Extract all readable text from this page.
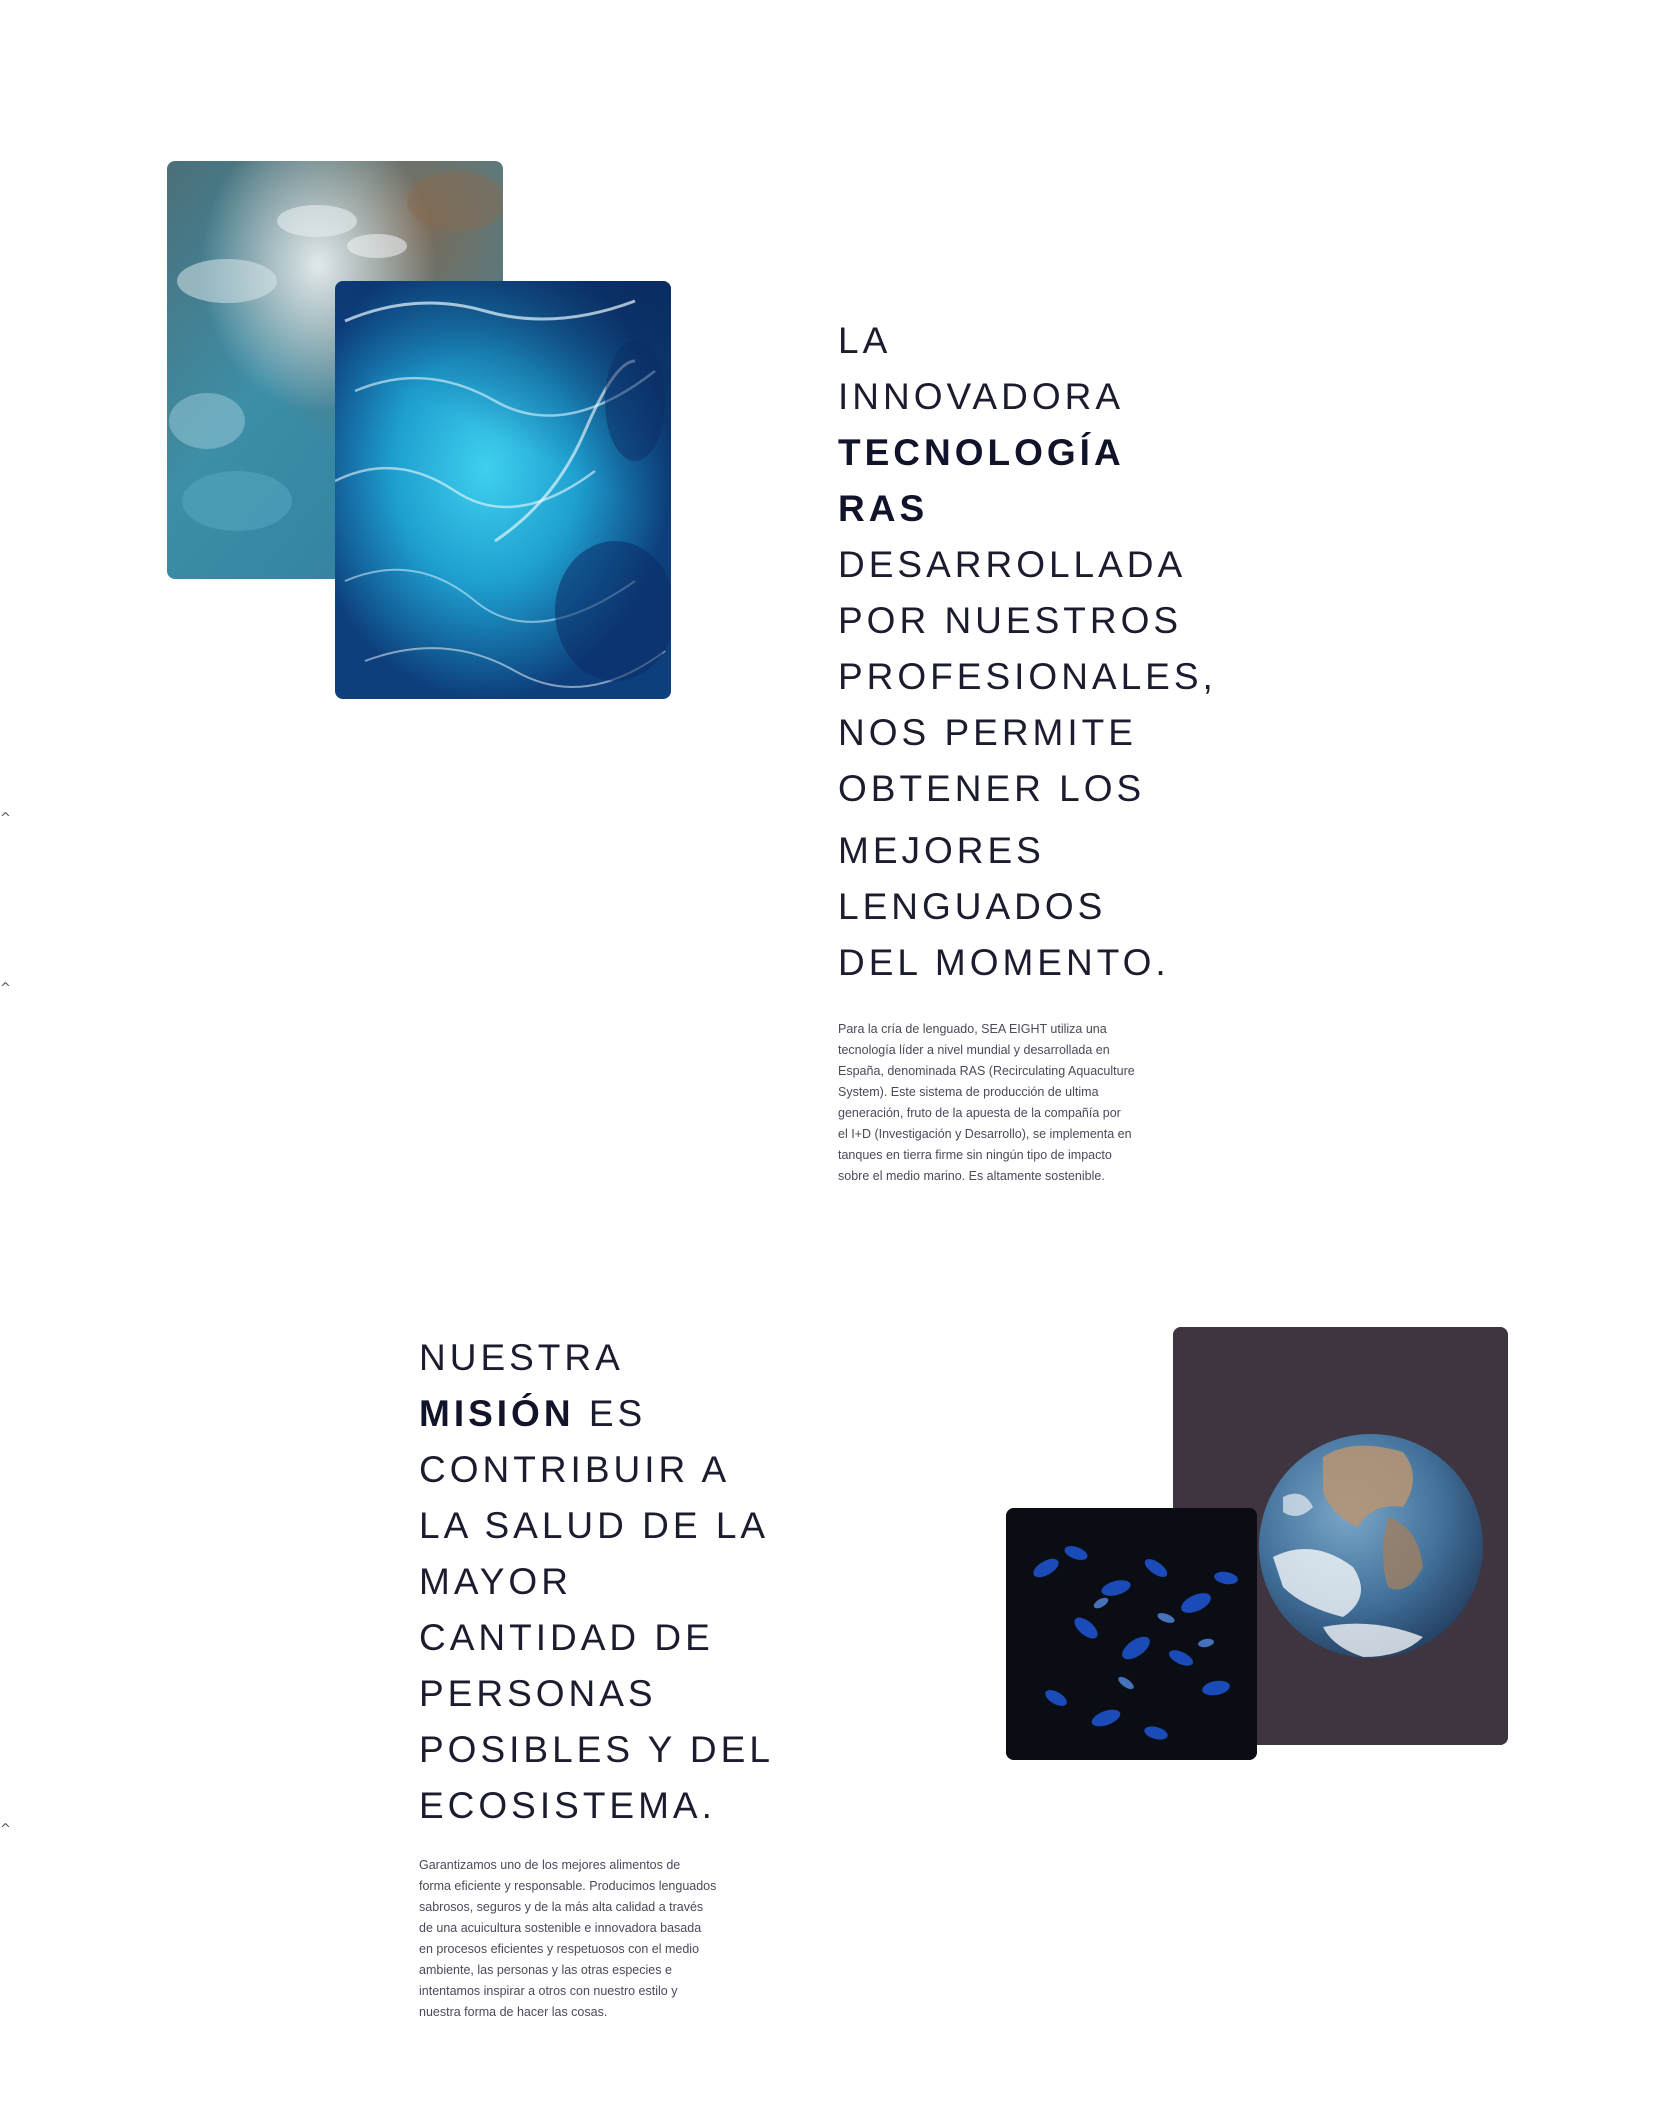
LA
INNOVADORA
TECNOLOGÍA
RAS
DESARROLLADA
POR NUESTROS
PROFESIONALES,
NOS PERMITE
OBTENER LOS
MEJORES
LENGUADOS
DEL MOMENTO.

Para la cría de lenguado, SEA EIGHT utiliza una
tecnología líder a nivel mundial y desarrollada en
España, denominada RAS (Recirculating Aquaculture
System). Este sistema de producción de ultima
generación, fruto de la apuesta de la compañía por
el I+D (Investigación y Desarrollo), se implementa en
tanques en tierra firme sin ningún tipo de impacto
sobre el medio marino. Es altamente sostenible.

NUESTRA
MISIÓN ES
CONTRIBUIR A
LA SALUD DE LA
MAYOR
CANTIDAD DE
PERSONAS
POSIBLES Y DEL
ECOSISTEMA.

Garantizamos uno de los mejores alimentos de
forma eficiente y responsable. Producimos lenguados
sabrosos, seguros y de la más alta calidad a través
de una acuicultura sostenible e innovadora basada
en procesos eficientes y respetuosos con el medio
ambiente, las personas y las otras especies e
intentamos inspirar a otros con nuestro estilo y
nuestra forma de hacer las cosas.

^
^
^
